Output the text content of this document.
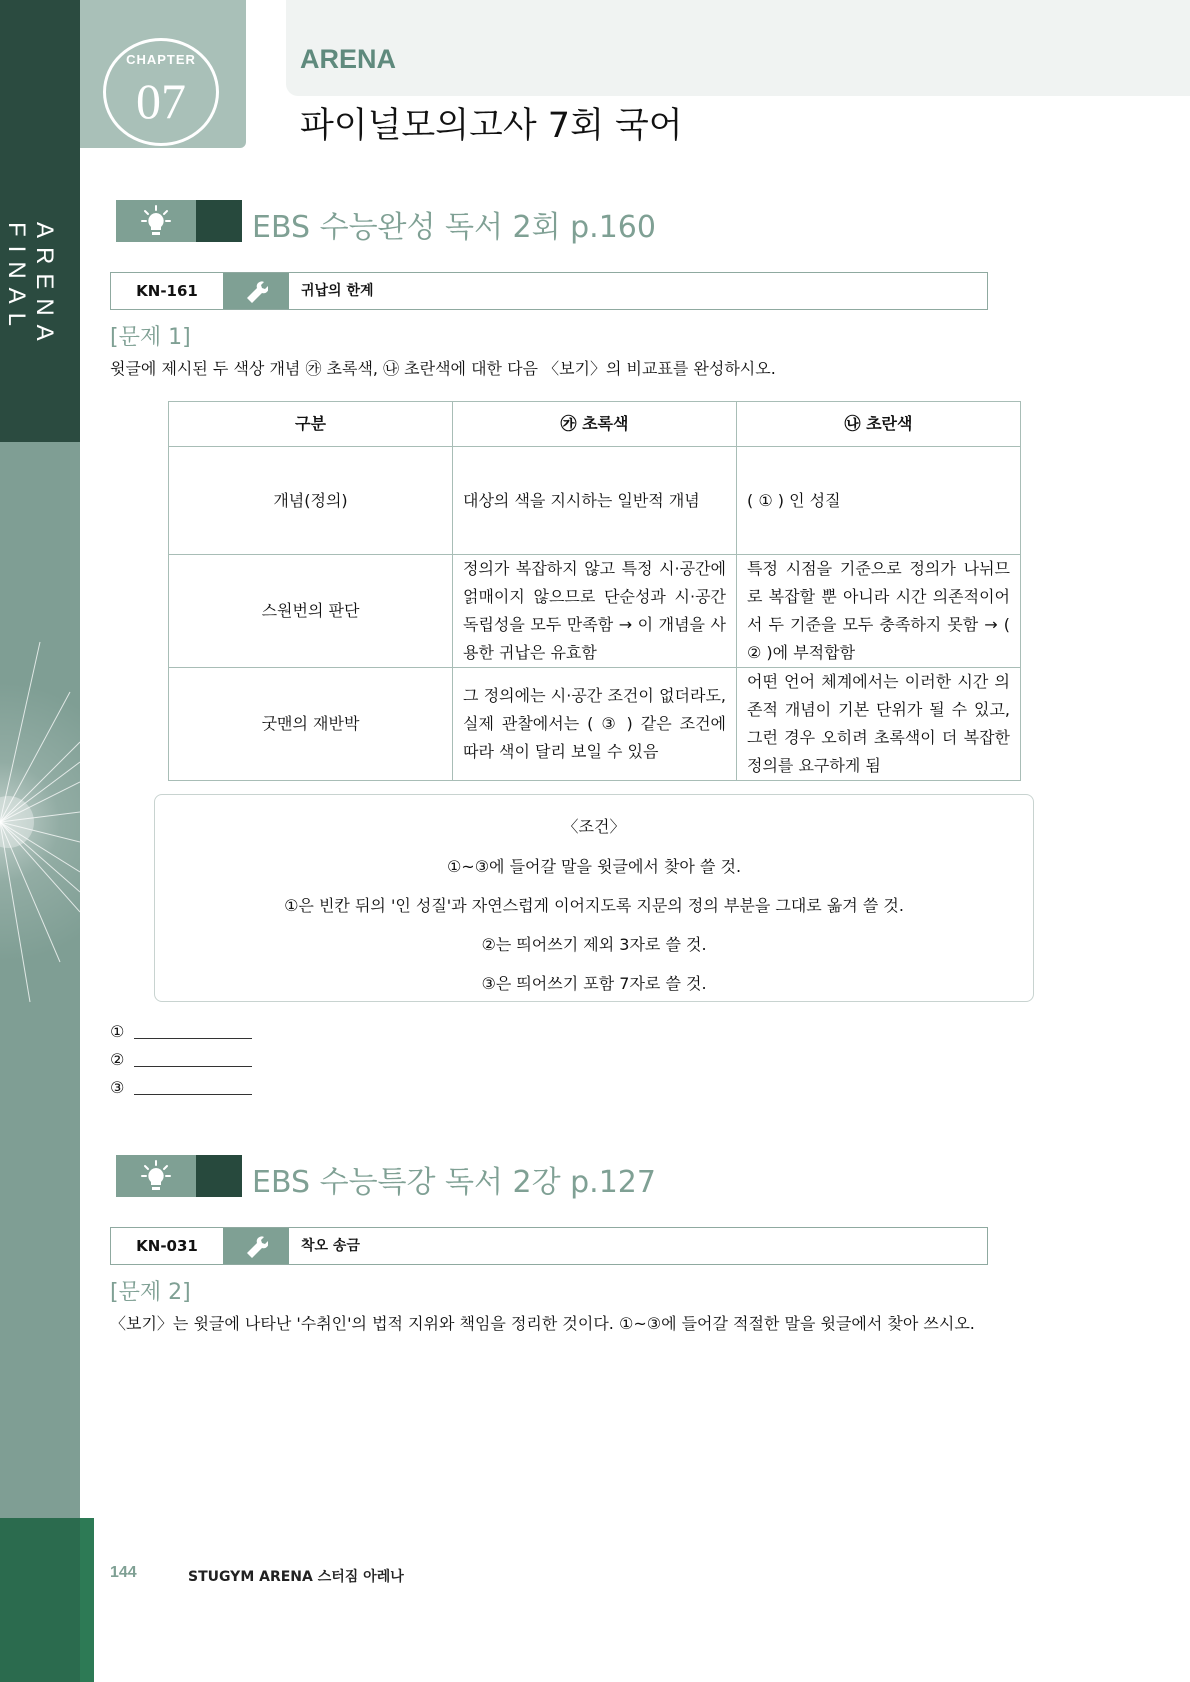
ARENA FINAL
CHAPTER
07
ARENA
파이널모의고사 7회 국어
EBS 수능완성 독서 2회 p.160
KN-161	귀납의 한계
[문제 1]
윗글에 제시된 두 색상 개념 ㉮ 초록색, ㉯ 초란색에 대한 다음 〈보기〉의 비교표를 완성하시오.
구분	㉮ 초록색	㉯ 초란색
개념(정의)	대상의 색을 지시하는 일반적 개념	( ① ) 인 성질
스원번의 판단	정의가 복잡하지 않고 특정 시·공간에 얽매이지 않으므로 단순성과 시·공간 독립성을 모두 만족함 → 이 개념을 사용한 귀납은 유효함	특정 시점을 기준으로 정의가 나뉘므로 복잡할 뿐 아니라 시간 의존적이어서 두 기준을 모두 충족하지 못함 → ( ② )에 부적합함
굿맨의 재반박	그 정의에는 시·공간 조건이 없더라도, 실제 관찰에서는 ( ③ ) 같은 조건에 따라 색이 달리 보일 수 있음	어떤 언어 체계에서는 이러한 시간 의존적 개념이 기본 단위가 될 수 있고, 그런 경우 오히려 초록색이 더 복잡한 정의를 요구하게 됨
〈조건〉
①~③에 들어갈 말을 윗글에서 찾아 쓸 것.
①은 빈칸 뒤의 '인 성질'과 자연스럽게 이어지도록 지문의 정의 부분을 그대로 옮겨 쓸 것.
②는 띄어쓰기 제외 3자로 쓸 것.
③은 띄어쓰기 포함 7자로 쓸 것.
①
②
③
EBS 수능특강 독서 2강 p.127
KN-031	착오 송금
[문제 2]
〈보기〉는 윗글에 나타난 '수취인'의 법적 지위와 책임을 정리한 것이다. ①~③에 들어갈 적절한 말을 윗글에서 찾아 쓰시오.
144	STUGYM ARENA 스터짐 아레나
